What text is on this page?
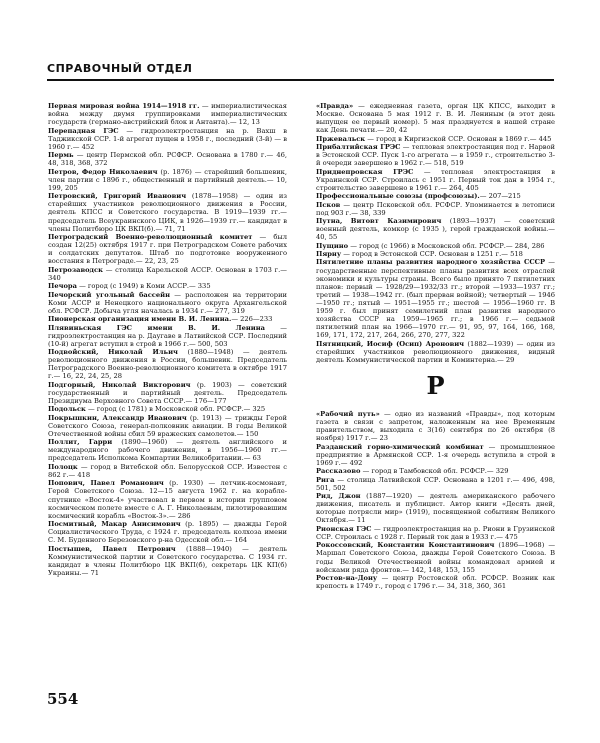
СПРАВОЧНЫЙ ОТДЕЛ
Первая мировая война 1914—1918 гг. — империалистическая война между двумя группировками империалистических государств (германо-австрийский блок и Антанта).— 12, 13
Перепадная ГЭС — гидроэлектростанция на р. Вахш в Таджикской ССР. 1-й агрегат пущен в 1958 г., последний (3-й) — в 1960 г.— 452
Пермь — центр Пермской обл. РСФСР. Основана в 1780 г.— 46, 48, 318, 368, 372
Петров, Федор Николаевич (р. 1876) — старейший большевик, член партии с 1896 г., общественный и партийный деятель.— 10, 199, 205
Петровский, Григорий Иванович (1878—1958) — один из старейших участников революционного движения в России, деятель КПСС и Советского государства. В 1919—1939 гг.— председатель Всеукраинского ЦИК, в 1926—1939 гг.— кандидат в члены Политбюро ЦК ВКП(б).— 71, 71
Петроградский Военно-революционный комитет — был создан 12(25) октября 1917 г. при Петроградском Совете рабочих и солдатских депутатов. Штаб по подготовке вооруженного восстания в Петрограде.— 22, 23, 25
Петрозаводск — столица Карельской АССР. Основан в 1703 г.— 340
Печора — город (с 1949) в Коми АССР.— 335
Печорский угольный бассейн — расположен на территории Коми АССР и Ненецкого национального округа Архангельской обл. РСФСР. Добыча угля началась в 1934 г.— 277, 319
Пионерская организация имени В. И. Ленина.— 226—233
Плявиньская ГЭС имени В. И. Ленина — гидроэлектростанция на р. Даугаве в Латвийской ССР. Последний (10-й) агрегат вступил в строй в 1966 г.— 500, 503
Подвойский, Николай Ильич (1880—1948) — деятель революционного движения в России, большевик. Председатель Петроградского Военно-революционного комитета в октябре 1917 г.— 16, 22, 24, 25, 28
Подгорный, Николай Викторович (р. 1903) — советский государственный и партийный деятель. Председатель Президиума Верховного Совета СССР.— 176—177
Подольск — город (с 1781) в Московской обл. РСФСР.— 325
Покрышкин, Александр Иванович (р. 1913) — трижды Герой Советского Союза, генерал-полковник авиации. В годы Великой Отечественной войны сбил 59 вражеских самолетов.— 150
Поллит, Гарри (1890—1960) — деятель английского и международного рабочего движения, в 1956—1960 гг.— председатель Исполкома Компартии Великобритании.— 63
Полоцк — город в Витебской обл. Белорусской ССР. Известен с 862 г.— 418
Попович, Павел Романович (р. 1930) — летчик-космонавт, Герой Советского Союза. 12—15 августа 1962 г. на корабле-спутнике «Восток-4» участвовал в первом в истории групповом космическом полете вместе с А. Г. Николаевым, пилотировавшим космический корабль «Восток-3».— 286
Посмитный, Макар Анисимович (р. 1895) — дважды Герой Социалистического Труда, с 1924 г. председатель колхоза имени С. М. Буденного Березовского р-на Одесской обл.— 164
Постышев, Павел Петрович (1888—1940) — деятель Коммунистической партии и Советского государства. С 1934 гг. кандидат в члены Политбюро ЦК ВКП(б), секретарь ЦК КП(б) Украины.— 71
«Правда» — ежедневная газета, орган ЦК КПСС, выходит в Москве. Основана 5 мая 1912 г. В. И. Лениным (в этот день выпущен ее первый номер). 5 мая празднуется в нашей стране как День печати.— 20, 42
Пржевальск — город в Киргизской ССР. Основан в 1869 г.— 445
Прибалтийская ГРЭС — тепловая электростанция под г. Нарвой в Эстонской ССР. Пуск 1-го агрегата — в 1959 г., строительство 3-й очереди завершено в 1962 г.— 518, 519
Приднепровская ГРЭС — тепловая электростанция в Украинской ССР. Строилась с 1951 г. Первый ток дан в 1954 г., строительство завершено в 1961 г.— 264, 405
Профессиональные союзы (профсоюзы).— 207—215
Псков — центр Псковской обл. РСФСР. Упоминается в летописи под 903 г.— 38, 339
Путна, Витовт Казимирович (1893—1937) — советский военный деятель, комкор (с 1935 ), герой гражданской войны.— 40, 55
Пущино — город (с 1966) в Московской обл. РСФСР.— 284, 286
Пярну — город в Эстонской ССР. Основан в 1251 г.— 518
Пятилетние планы развития народного хозяйства СССР — государственные перспективные планы развития всех отраслей экономики и культуры страны. Всего было принято 7 пятилетних планов: первый — 1928/29—1932/33 гг.; второй —1933—1937 гг.; третий — 1938—1942 гг. (был прерван войной); четвертый — 1946—1950 гг.; пятый — 1951—1955 гг.; шестой — 1956—1960 гг. В 1959 г. был принят семилетний план развития народного хозяйства СССР на 1959—1965 гг.; в 1966 г.— седьмой пятилетний план на 1966—1970 гг.— 91, 95, 97, 164, 166, 168, 169, 171, 172, 217, 264, 266, 270, 277, 322
Пятницкий, Иосиф (Осип) Аронович (1882—1939) — один из старейших участников революционного движения, видный деятель Коммунистической партии и Коминтерна.— 29
Р
«Рабочий путь» — одно из названий «Правды», под которым газета в связи с запретом, наложенным на нее Временным правительством, выходила с 3(16) сентября по 26 октября (8 ноября) 1917 г.— 23
Разданский горно-химический комбинат — промышленное предприятие в Армянской ССР. 1-я очередь вступила в строй в 1969 г.— 492
Рассказово — город в Тамбовской обл. РСФСР.— 329
Рига — столица Латвийской ССР. Основана в 1201 г.— 496, 498, 501, 502
Рид, Джон (1887—1920) — деятель американского рабочего движения, писатель и публицист. Автор книги «Десять дней, которые потрясли мир» (1919), посвященной событиям Великого Октября.— 11
Рионская ГЭС — гидроэлектростанция на р. Риони в Грузинской ССР. Строилась с 1928 г. Первый ток дан в 1933 г.— 475
Рокоссовский, Константин Константинович (1896—1968) — Маршал Советского Союза, дважды Герой Советского Союза. В годы Великой Отечественной войны командовал армией и войсками ряда фронтов.— 142, 148, 153, 155
Ростов-на-Дону — центр Ростовской обл. РСФСР. Возник как крепость в 1749 г., город с 1796 г.— 34, 318, 360, 361
554
